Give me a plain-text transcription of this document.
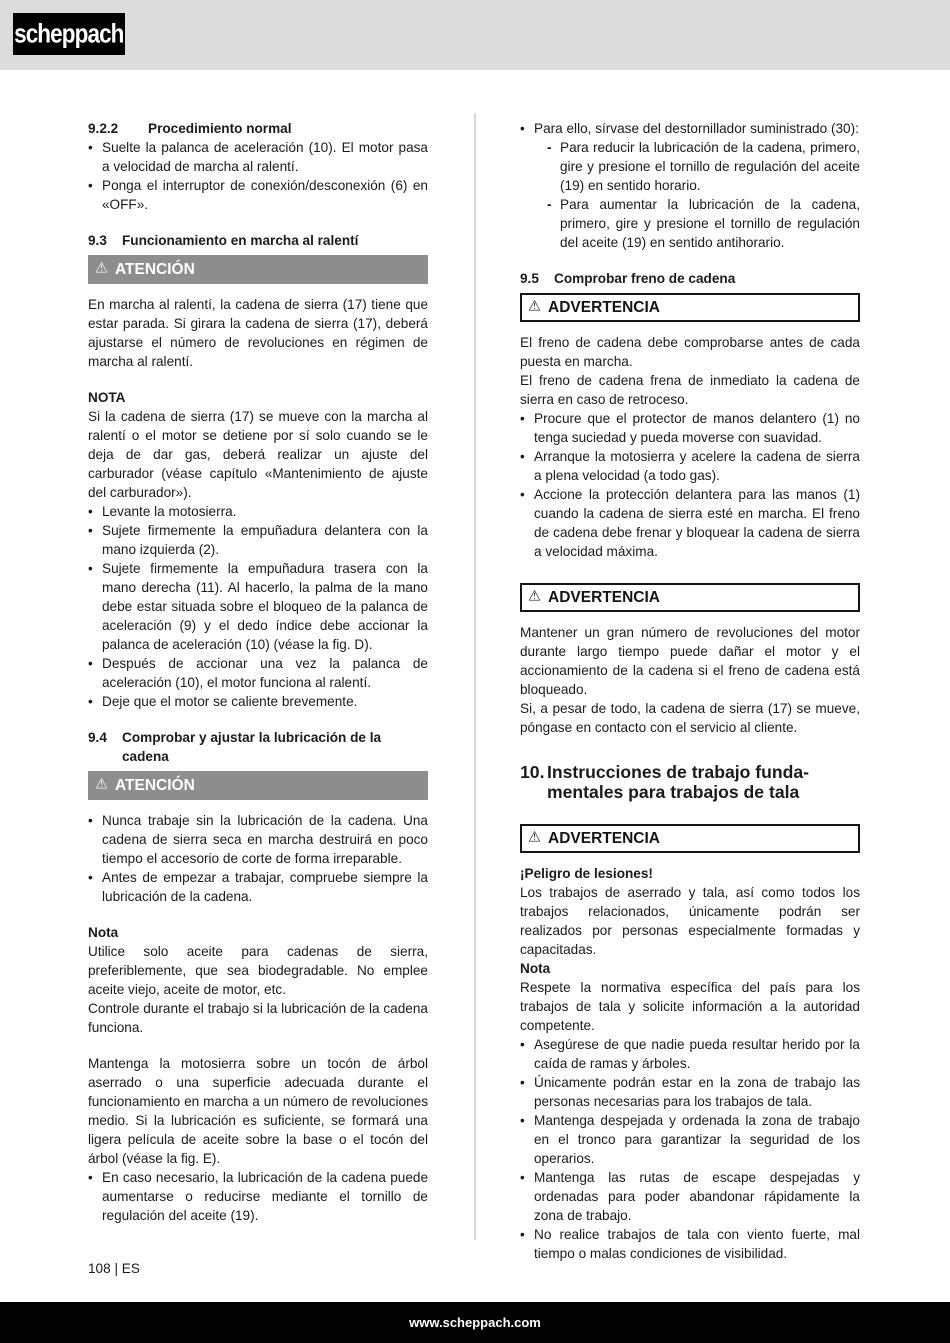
scheppach
9.2.2	Procedimiento normal
• Suelte la palanca de aceleración (10). El motor pasa a velocidad de marcha al ralentí.
• Ponga el interruptor de conexión/desconexión (6) en «OFF».
9.3	Funcionamiento en marcha al ralentí
⚠ ATENCIÓN
En marcha al ralentí, la cadena de sierra (17) tiene que estar parada. Si girara la cadena de sierra (17), deberá ajustarse el número de revoluciones en régimen de marcha al ralentí.
NOTA
Si la cadena de sierra (17) se mueve con la marcha al ralentí o el motor se detiene por sí solo cuando se le deja de dar gas, deberá realizar un ajuste del carburador (véase capítulo «Mantenimiento de ajuste del carburador»).
• Levante la motosierra.
• Sujete firmemente la empuñadura delantera con la mano izquierda (2).
• Sujete firmemente la empuñadura trasera con la mano derecha (11). Al hacerlo, la palma de la mano debe estar situada sobre el bloqueo de la palanca de aceleración (9) y el dedo índice debe accionar la palanca de aceleración (10) (véase la fig. D).
• Después de accionar una vez la palanca de aceleración (10), el motor funciona al ralentí.
• Deje que el motor se caliente brevemente.
9.4	Comprobar y ajustar la lubricación de la cadena
⚠ ATENCIÓN
• Nunca trabaje sin la lubricación de la cadena. Una cadena de sierra seca en marcha destruirá en poco tiempo el accesorio de corte de forma irreparable.
• Antes de empezar a trabajar, compruebe siempre la lubricación de la cadena.
Nota
Utilice solo aceite para cadenas de sierra, preferiblemente, que sea biodegradable. No emplee aceite viejo, aceite de motor, etc.
Controle durante el trabajo si la lubricación de la cadena funciona.
Mantenga la motosierra sobre un tocón de árbol aserrado o una superficie adecuada durante el funcionamiento en marcha a un número de revoluciones medio. Si la lubricación es suficiente, se formará una ligera película de aceite sobre la base o el tocón del árbol (véase la fig. E).
• En caso necesario, la lubricación de la cadena puede aumentarse o reducirse mediante el tornillo de regulación del aceite (19).
• Para ello, sírvase del destornillador suministrado (30):
- Para reducir la lubricación de la cadena, primero, gire y presione el tornillo de regulación del aceite (19) en sentido horario.
- Para aumentar la lubricación de la cadena, primero, gire y presione el tornillo de regulación del aceite (19) en sentido antihorario.
9.5	Comprobar freno de cadena
⚠ ADVERTENCIA
El freno de cadena debe comprobarse antes de cada puesta en marcha.
El freno de cadena frena de inmediato la cadena de sierra en caso de retroceso.
• Procure que el protector de manos delantero (1) no tenga suciedad y pueda moverse con suavidad.
• Arranque la motosierra y acelere la cadena de sierra a plena velocidad (a todo gas).
• Accione la protección delantera para las manos (1) cuando la cadena de sierra esté en marcha. El freno de cadena debe frenar y bloquear la cadena de sierra a velocidad máxima.
⚠ ADVERTENCIA
Mantener un gran número de revoluciones del motor durante largo tiempo puede dañar el motor y el accionamiento de la cadena si el freno de cadena está bloqueado.
Si, a pesar de todo, la cadena de sierra (17) se mueve, póngase en contacto con el servicio al cliente.
10. Instrucciones de trabajo funda-
mentales para trabajos de tala
⚠ ADVERTENCIA
¡Peligro de lesiones!
Los trabajos de aserrado y tala, así como todos los trabajos relacionados, únicamente podrán ser realizados por personas especialmente formadas y capacitadas.
Nota
Respete la normativa específica del país para los trabajos de tala y solicite información a la autoridad competente.
• Asegúrese de que nadie pueda resultar herido por la caída de ramas y árboles.
• Únicamente podrán estar en la zona de trabajo las personas necesarias para los trabajos de tala.
• Mantenga despejada y ordenada la zona de trabajo en el tronco para garantizar la seguridad de los operarios.
• Mantenga las rutas de escape despejadas y ordenadas para poder abandonar rápidamente la zona de trabajo.
• No realice trabajos de tala con viento fuerte, mal tiempo o malas condiciones de visibilidad.
108 | ES
www.scheppach.com
